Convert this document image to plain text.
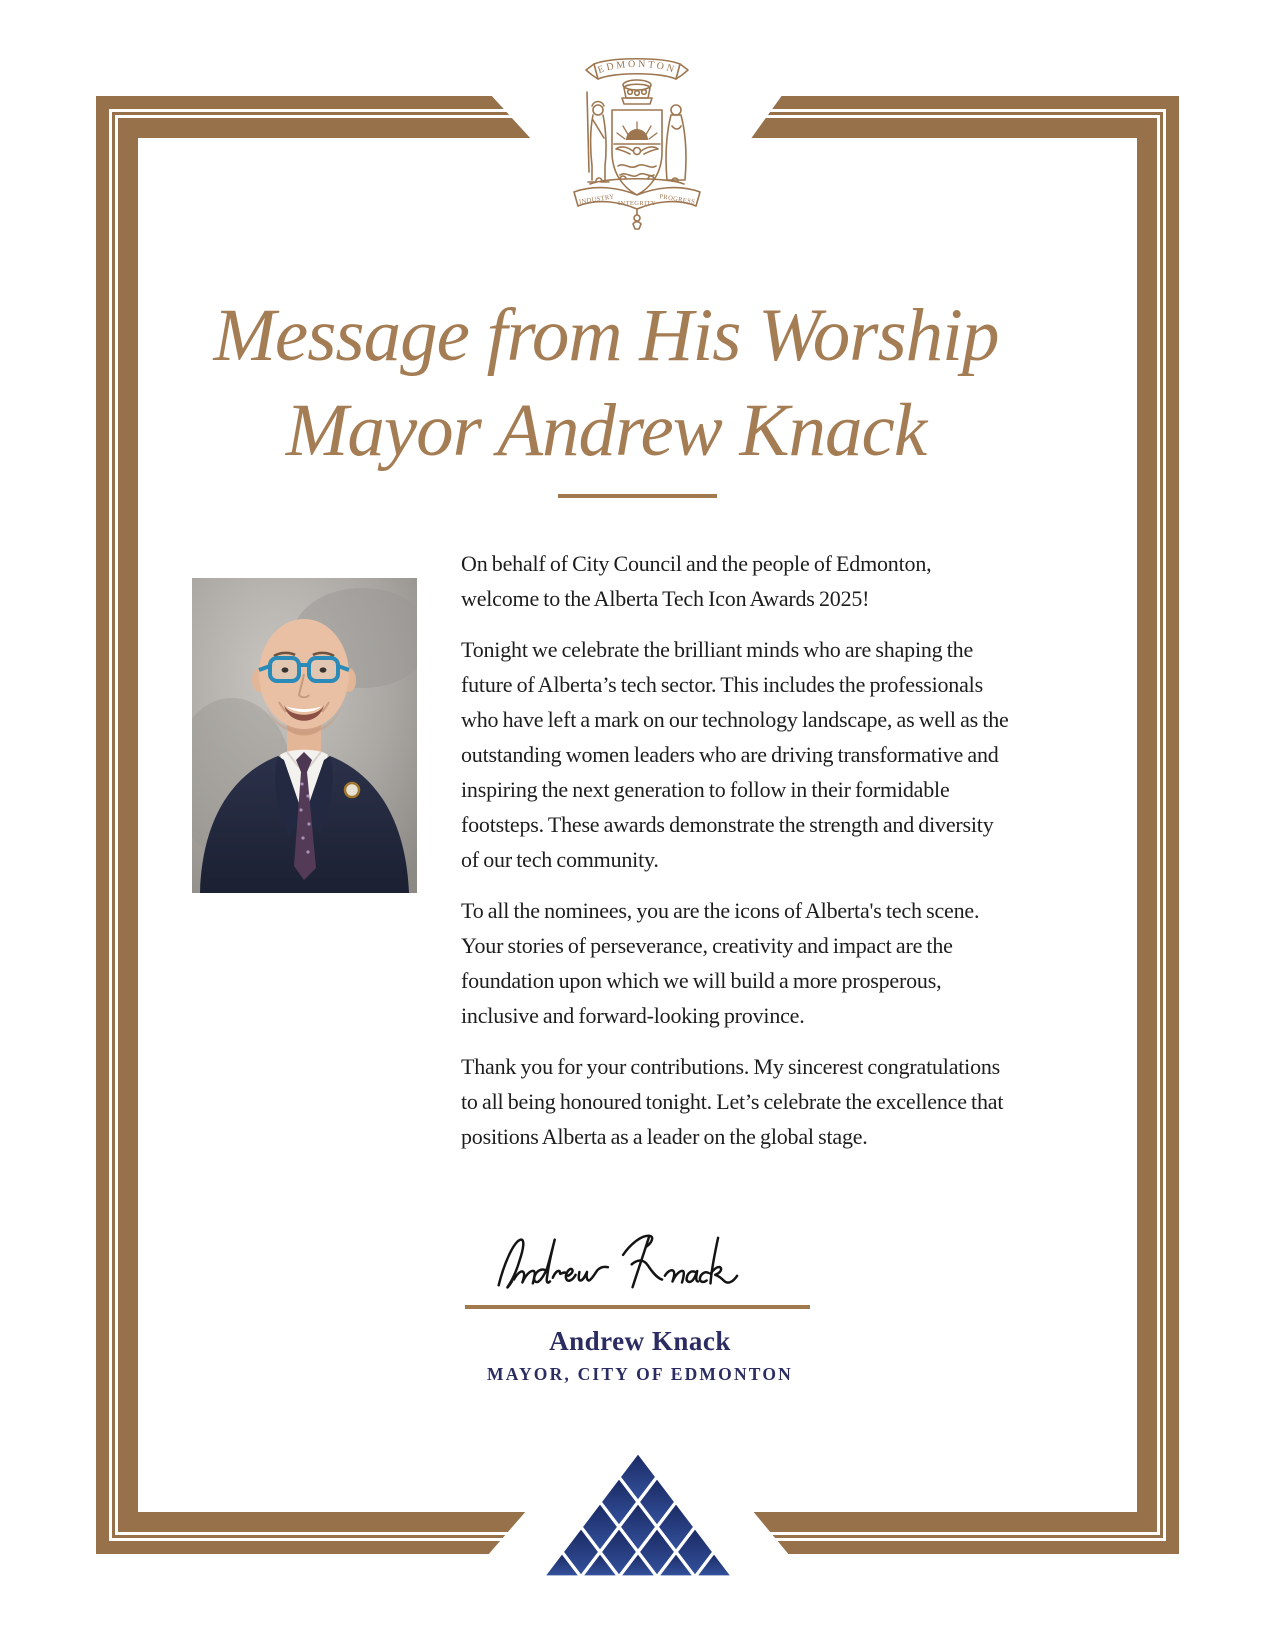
EDMONTON
INDUSTRY INTEGRITY PROGRESS
Message from His Worship
Mayor Andrew Knack

On behalf of City Council and the people of Edmonton, welcome to the Alberta Tech Icon Awards 2025!

Tonight we celebrate the brilliant minds who are shaping the future of Alberta’s tech sector. This includes the professionals who have left a mark on our technology landscape, as well as the outstanding women leaders who are driving transformative and inspiring the next generation to follow in their formidable footsteps. These awards demonstrate the strength and diversity of our tech community.

To all the nominees, you are the icons of Alberta's tech scene. Your stories of perseverance, creativity and impact are the foundation upon which we will build a more prosperous, inclusive and forward-looking province.

Thank you for your contributions. My sincerest congratulations to all being honoured tonight. Let’s celebrate the excellence that positions Alberta as a leader on the global stage.

Andrew Knack
MAYOR, CITY OF EDMONTON
